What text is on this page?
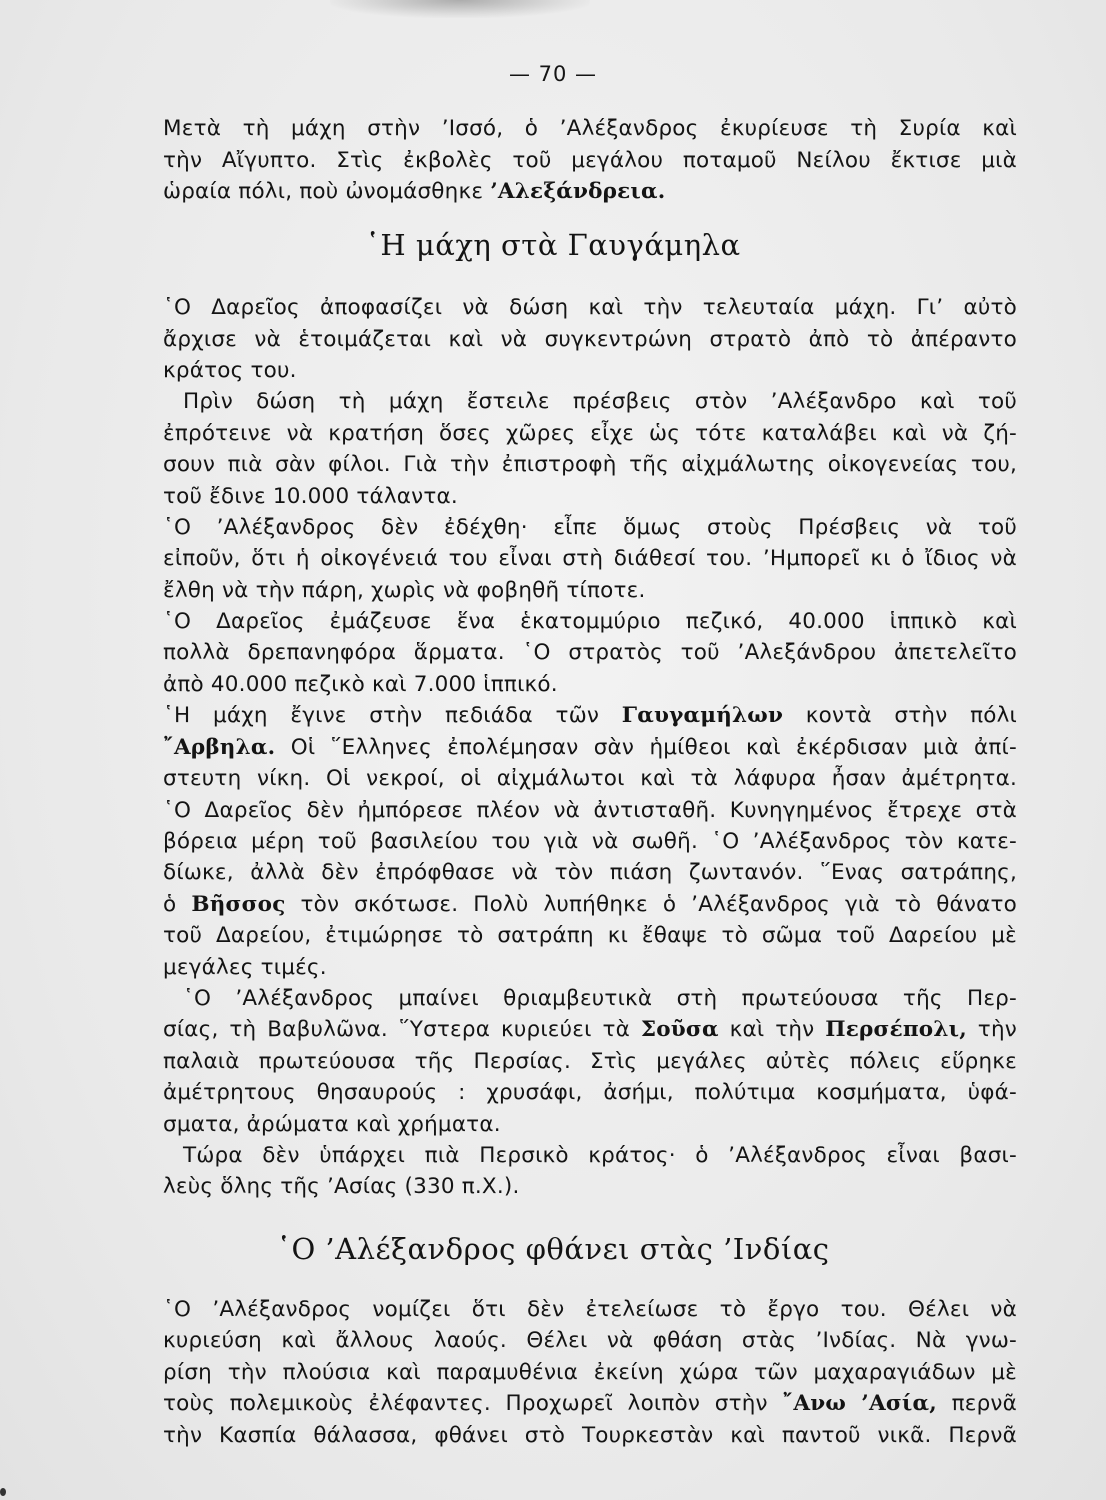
— 70 —
Μετὰ τὴ μάχη στὴν ’Ισσό, ὁ ’Αλέξανδρος ἐκυρίευσε τὴ Συρία καὶ
τὴν Αἴγυπτο. Στὶς ἐκβολὲς τοῦ μεγάλου ποταμοῦ Νείλου ἔκτισε μιὰ
ὡραία πόλι, ποὺ ὠνομάσθηκε ’Αλεξάνδρεια.
῾Η μάχη στὰ Γαυγάμηλα
῾Ο Δαρεῖος ἀποφασίζει νὰ δώση καὶ τὴν τελευταία μάχη. Γι’ αὐτὸ
ἄρχισε νὰ ἑτοιμάζεται καὶ νὰ συγκεντρώνη στρατὸ ἀπὸ τὸ ἀπέραντο
κράτος του.
Πρὶν δώση τὴ μάχη ἔστειλε πρέσβεις στὸν ’Αλέξανδρο καὶ τοῦ
ἐπρότεινε νὰ κρατήση ὅσες χῶρες εἶχε ὡς τότε καταλάβει καὶ νὰ ζή-
σουν πιὰ σὰν φίλοι. Γιὰ τὴν ἐπιστροφὴ τῆς αἰχμάλωτης οἰκογενείας του,
τοῦ ἔδινε 10.000 τάλαντα.
῾Ο ’Αλέξανδρος δὲν ἐδέχθη· εἶπε ὅμως στοὺς Πρέσβεις νὰ τοῦ
εἰποῦν, ὅτι ἡ οἰκογένειά του εἶναι στὴ διάθεσί του. ’Ημπορεῖ κι ὁ ἴδιος νὰ
ἔλθη νὰ τὴν πάρη, χωρὶς νὰ φοβηθῆ τίποτε.
῾Ο Δαρεῖος ἐμάζευσε ἕνα ἑκατομμύριο πεζικό, 40.000 ἱππικὸ καὶ
πολλὰ δρεπανηφόρα ἅρματα. ῾Ο στρατὸς τοῦ ’Αλεξάνδρου ἀπετελεῖτο
ἀπὸ 40.000 πεζικὸ καὶ 7.000 ἱππικό.
῾Η μάχη ἔγινε στὴν πεδιάδα τῶν Γαυγαμήλων κοντὰ στὴν πόλι
῎Αρβηλα. Οἱ ῞Ελληνες ἐπολέμησαν σὰν ἡμίθεοι καὶ ἐκέρδισαν μιὰ ἀπί-
στευτη νίκη. Οἱ νεκροί, οἱ αἰχμάλωτοι καὶ τὰ λάφυρα ἦσαν ἀμέτρητα.
῾Ο Δαρεῖος δὲν ἠμπόρεσε πλέον νὰ ἀντισταθῆ. Κυνηγημένος ἔτρεχε στὰ
βόρεια μέρη τοῦ βασιλείου του γιὰ νὰ σωθῆ. ῾Ο ’Αλέξανδρος τὸν κατε-
δίωκε, ἀλλὰ δὲν ἐπρόφθασε νὰ τὸν πιάση ζωντανόν. ῞Ενας σατράπης,
ὁ Βῆσσος τὸν σκότωσε. Πολὺ λυπήθηκε ὁ ’Αλέξανδρος γιὰ τὸ θάνατο
τοῦ Δαρείου, ἐτιμώρησε τὸ σατράπη κι ἔθαψε τὸ σῶμα τοῦ Δαρείου μὲ
μεγάλες τιμές.
῾Ο ’Αλέξανδρος μπαίνει θριαμβευτικὰ στὴ πρωτεύουσα τῆς Περ-
σίας, τὴ Βαβυλῶνα. ῞Υστερα κυριεύει τὰ Σοῦσα καὶ τὴν Περσέπολι, τὴν
παλαιὰ πρωτεύουσα τῆς Περσίας. Στὶς μεγάλες αὐτὲς πόλεις εὕρηκε
ἀμέτρητους θησαυρούς : χρυσάφι, ἀσήμι, πολύτιμα κοσμήματα, ὑφά-
σματα, ἀρώματα καὶ χρήματα.
Τώρα δὲν ὑπάρχει πιὰ Περσικὸ κράτος· ὁ ’Αλέξανδρος εἶναι βασι-
λεὺς ὅλης τῆς ’Ασίας (330 π.Χ.).
῾Ο ’Αλέξανδρος φθάνει στὰς ’Ινδίας
῾Ο ’Αλέξανδρος νομίζει ὅτι δὲν ἐτελείωσε τὸ ἔργο του. Θέλει νὰ
κυριεύση καὶ ἄλλους λαούς. Θέλει νὰ φθάση στὰς ’Ινδίας. Νὰ γνω-
ρίση τὴν πλούσια καὶ παραμυθένια ἐκείνη χώρα τῶν μαχαραγιάδων μὲ
τοὺς πολεμικοὺς ἐλέφαντες. Προχωρεῖ λοιπὸν στὴν ῎Ανω ’Ασία, περνᾶ
τὴν Κασπία θάλασσα, φθάνει στὸ Τουρκεστὰν καὶ παντοῦ νικᾶ. Περνᾶ
